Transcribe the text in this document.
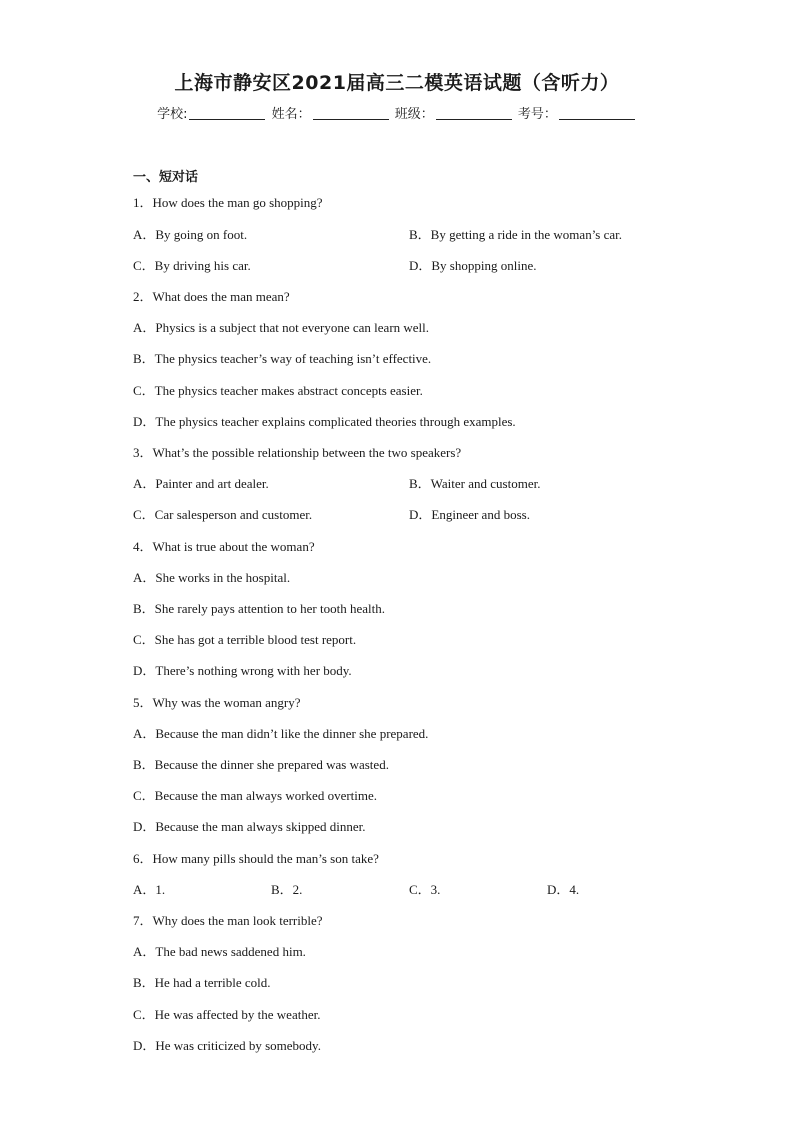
上海市静安区2021届高三二模英语试题（含听力）
学校:	姓名：	班级：	考号：
一、短对话
1．How does the man go shopping?
A．By going on foot.	B．By getting a ride in the woman’s car.
C．By driving his car.	D．By shopping online.
2．What does the man mean?
A．Physics is a subject that not everyone can learn well.
B．The physics teacher’s way of teaching isn’t effective.
C．The physics teacher makes abstract concepts easier.
D．The physics teacher explains complicated theories through examples.
3．What’s the possible relationship between the two speakers?
A．Painter and art dealer.	B．Waiter and customer.
C．Car salesperson and customer.	D．Engineer and boss.
4．What is true about the woman?
A．She works in the hospital.
B．She rarely pays attention to her tooth health.
C．She has got a terrible blood test report.
D．There’s nothing wrong with her body.
5．Why was the woman angry?
A．Because the man didn’t like the dinner she prepared.
B．Because the dinner she prepared was wasted.
C．Because the man always worked overtime.
D．Because the man always skipped dinner.
6．How many pills should the man’s son take?
A．1.	B．2.	C．3.	D．4.
7．Why does the man look terrible?
A．The bad news saddened him.
B．He had a terrible cold.
C．He was affected by the weather.
D．He was criticized by somebody.
